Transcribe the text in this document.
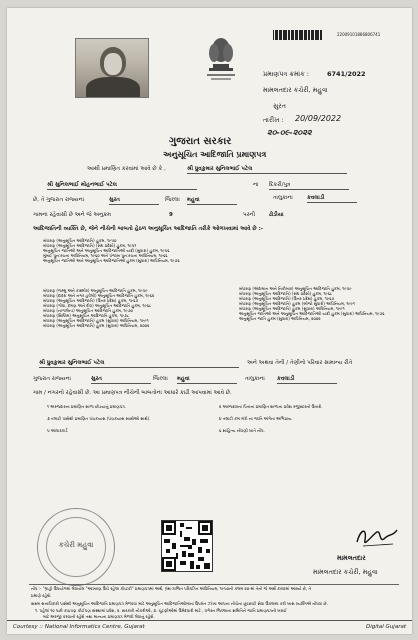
22009101886806741
પ્રમાણપત્ર ક્રમાંક :	6741/2022
મામલતદાર કચેરી, મહુવા
સુરત
તારીખ : 20/09/2022
૨૦-૦૯-૨૦૨૨
ગુજરાત સરકાર
અનુસૂચિત આદિજાતિ પ્રમાણપત્ર
આથી પ્રમાણિત કરવામાં આવે છે કે ,	શ્રી ધ્રુવકુમાર સુનિલભાઈ પટેલ
શ્રી સુનિલભાઈ મોહનભાઈ પટેલ	ના દિકરી/પુત્ર
છે, તે ગુજરાત રાજ્યના	સુરત	જિલ્લા મહુવા	તાલુકાના	કવલાડી
ગામના રહેવાસી છે અને જે અનુક્રમ	9	પરની	ઢોડીયા
આદિજાતિની વ્યક્તિ છે, જેને નીચેની બાબતો હેઠળ અનુસૂચિત આદિજાતિ તરીકે ઓળખવામાં આવે છે :-
બંધારણ (અનુસૂચિત આદિજાતિ) હુકમ, ૧૯૫૦
બંધારણ (અનુસૂચિત આદિજાતિ) (સંઘ પ્રદેશો) હુકમ, ૧૯૫૧
અનુસૂચિત જાતિઓ અને અનુસૂચિત આદિજાતિઓ યાદી (સુધારા) હુકમ, ૧૯૫૬
મુંબઈ પુનઃરચના અધિનિયમ, ૧૯૬૦ અને પંજાબ પુનઃરચના અધિનિયમ, ૧૯૬૬
અનુસૂચિત જાતિઓ અને અનુસૂચિત આદિજાતિઓ હુકમ (સુધારા) અધિનિયમ, ૧૯૭૬
બંધારણ (જમ્મુ અને કાશ્મીર) અનુસૂચિત આદિજાતિ હુકમ, ૧૯૫૯
બંધારણ (દાદરા અને નગર હવેલી) અનુસૂચિત આદિજાતિ હુકમ, ૧૯૬૨
બંધારણ (અનુસૂચિત આદિજાતિ) (ઉત્તર પ્રદેશ) હુકમ, ૧૯૬૭
બંધારણ (ગોવા, દમણ અને દીવ) અનુસૂચિત આદિજાતિ હુકમ, ૧૯૬૮
બંધારણ (નાગાલેન્ડ) અનુસૂચિત આદિજાતિ હુકમ, ૧૯૭૦
બંધારણ (સિક્કિમ) અનુસૂચિત આદિજાતિ હુકમ, ૧૯૭૮
બંધારણ (અનુસૂચિત આદિજાતિ) હુકમ (સુધારા) અધિનિયમ, ૧૯૯૧
બંધારણ (અનુસૂચિત આદિજાતિ) હુકમ (સુધારા) અધિનિયમ, ૨૦૦૨
બંધારણ (અંદામાન અને નિકોબાર) અનુસૂચિત આદિજાતિ હુકમ, ૧૯૫૯
બંધારણ (અનુસૂચિત આદિજાતિ) (સંઘ પ્રદેશો) હુકમ, ૧૯૬૮
બંધારણ (અનુસૂચિત આદિજાતિ) (ઉત્તર પ્રદેશ) હુકમ, ૧૯૬૭
બંધારણ (અનુસૂચિત આદિજાતિ) હુકમ (બીજો સુધારો) અધિનિયમ, ૧૯૯૧
બંધારણ (અનુસૂચિત આદિજાતિ) હુકમ (સુધારા) અધિનિયમ, ૧૯૯૧
અનુસૂચિત જાતિઓ અને અનુસૂચિત આદિજાતિઓ યાદી હુકમ (સુધારા) અધિનિયમ, ૧૯૭૬
અનુસૂચિત જાતિ હુકમ (સુધારા) અધિનિયમ, ૨૦૦૨
શ્રી ધ્રુવકુમાર સુનિલભાઈ પટેલ	અને અથવા તેની / તેણીનો પરિવાર સામાન્ય રીતે
ગુજરાત રાજ્યના	સુરત	જિલ્લા મહુવા	તાલુકાના કવલાડી
ગામ / નગરનો રહેવાસી છે. આ પ્રમાણપત્ર નીચેની બાબતોના આધારે કાઢી આપવામાં આવે છે.
૧ અરજદારના પ્રમાણિત શાળા છોડયાનું પ્રમાણપત્ર.	૨ અરજદારના પિતાના પ્રમાણિત શાળાના પ્રવેશ રજીસ્ટરનો ઉતારો.
૩ તલાટી પાસેથી પ્રમાણિત પંચકયાસ (પંચકયાસ સાક્ષીઓ સાથે).	૪ તલાટી કમ મંત્રી ના જાતિ અંગેના અભિપ્રાય.
૫ આધારકાર્ડ	૬ સાહિત્ય નોંધણી ખાતે નોંધ.
કચેરી મહુવા
મામલતદાર
મામલતદાર કચેરી, મહુવા
નોંધ :- "ગ્રાહી ઉપયોગમાં લેવાયેલ "આખરણ ઉંચે રહેલા કોષ્ટકો" પ્રમાણપત્રમાં અર્થ, ગ્રંથ-ત્રાજિત પરિપત્રિત અધિનિયમ, ૧૯૫૦ની કલમ ૨૦-માં તેનો જે અર્થ કરવામાં આવ્યો છે, તે
પ્રમાણે રહેશે.
સક્ષમ સત્તાધિકારી પાસેથી અનુસૂચિત આદિજાતિ પ્રમાણપત્ર મેળવવા માટે અનુસૂચિત આદિજાતિઓમાંના ઉપરાંત ઝાંખા આપના નીચેના છૂટછાટો સેવા ઉપલબ્ધ કરી ખાસ વ્યક્તિએ નોંધવા છે.
૧. પહેલાં ૧૦ પછી કાઇપણ કોઈપણ સંસ્થામાં પ્રવેશ, ૨. સરકારી નોકરીઓ, ૩. ચૂંટણીઓમાં ઉમેદવારી માટે , વગેરન જિલ્લાના સમિતિને જાતિ પ્રમાણપત્રની ખરાઈ
માટે અરજી કરવાની રહેશે તથા માન્યતા પ્રમાણપત્ર મેળવી લેવાનું રહેશે.
Courtesy :: National Informatics Centre, Gujarat	Digital Gujarat
